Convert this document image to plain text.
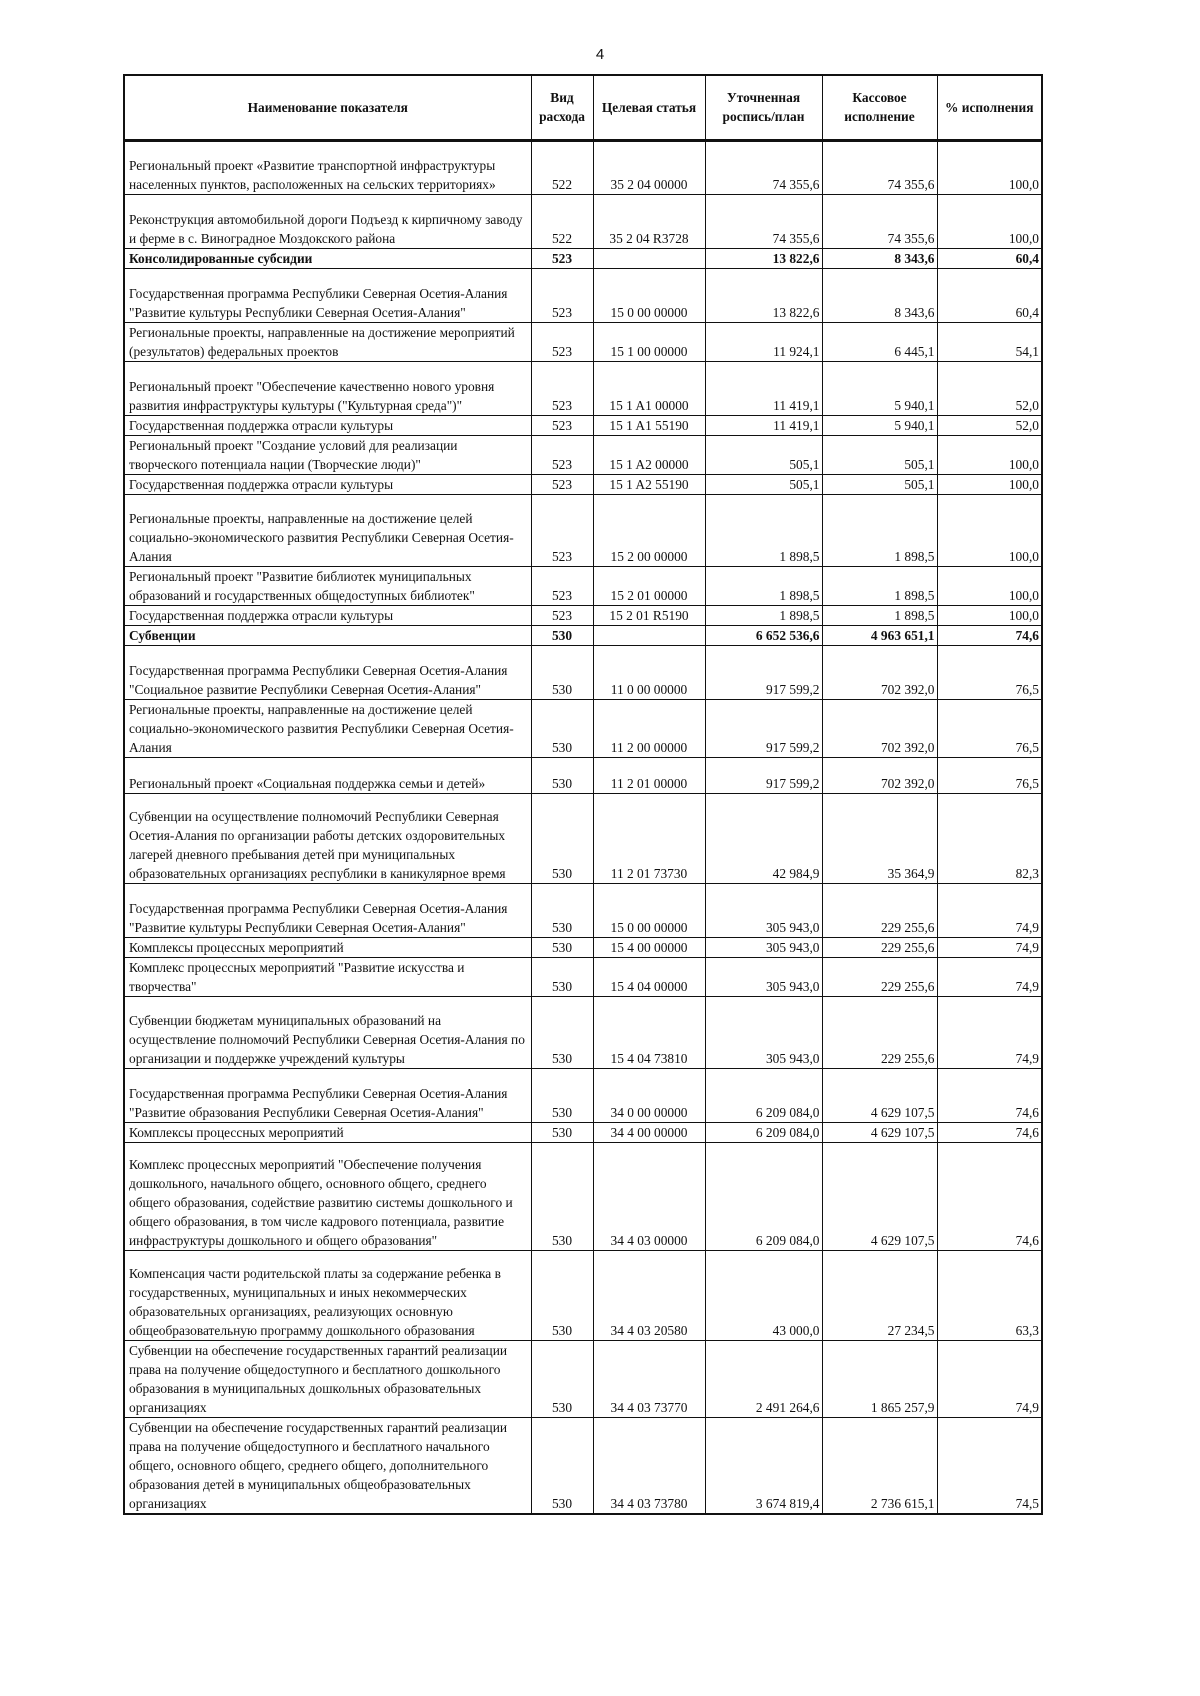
4
Наименование показателя	Вид расхода	Целевая статья	Уточненная роспись/план	Кассовое исполнение	% исполнения
Региональный проект «Развитие транспортной инфраструктуры населенных пунктов, расположенных на сельских территориях»	522	35 2 04 00000	74 355,6	74 355,6	100,0
Реконструкция автомобильной дороги Подъезд к кирпичному заводу и ферме в с. Виноградное Моздокского района	522	35 2 04 R3728	74 355,6	74 355,6	100,0
Консолидированные субсидии	523		13 822,6	8 343,6	60,4
Государственная программа Республики Северная Осетия-Алания "Развитие культуры Республики Северная Осетия-Алания"	523	15 0 00 00000	13 822,6	8 343,6	60,4
Региональные проекты, направленные на достижение мероприятий (результатов) федеральных проектов	523	15 1 00 00000	11 924,1	6 445,1	54,1
Региональный проект "Обеспечение качественно нового уровня развития инфраструктуры культуры ("Культурная среда")"	523	15 1 A1 00000	11 419,1	5 940,1	52,0
Государственная поддержка отрасли культуры	523	15 1 A1 55190	11 419,1	5 940,1	52,0
Региональный проект "Создание условий для реализации творческого потенциала нации (Творческие люди)"	523	15 1 A2 00000	505,1	505,1	100,0
Государственная поддержка отрасли культуры	523	15 1 A2 55190	505,1	505,1	100,0
Региональные проекты, направленные на достижение целей социально-экономического развития Республики Северная Осетия-Алания	523	15 2 00 00000	1 898,5	1 898,5	100,0
Региональный проект "Развитие библиотек муниципальных образований и государственных общедоступных библиотек"	523	15 2 01 00000	1 898,5	1 898,5	100,0
Государственная поддержка отрасли культуры	523	15 2 01 R5190	1 898,5	1 898,5	100,0
Субвенции	530		6 652 536,6	4 963 651,1	74,6
Государственная программа Республики Северная Осетия-Алания "Социальное развитие Республики Северная Осетия-Алания"	530	11 0 00 00000	917 599,2	702 392,0	76,5
Региональные проекты, направленные на достижение целей социально-экономического развития Республики Северная Осетия-Алания	530	11 2 00 00000	917 599,2	702 392,0	76,5
Региональный проект «Социальная поддержка семьи и детей»	530	11 2 01 00000	917 599,2	702 392,0	76,5
Субвенции на осуществление полномочий Республики Северная Осетия-Алания по организации работы детских оздоровительных лагерей дневного пребывания детей при муниципальных образовательных организациях республики в каникулярное время	530	11 2 01 73730	42 984,9	35 364,9	82,3
Государственная программа Республики Северная Осетия-Алания "Развитие культуры Республики Северная Осетия-Алания"	530	15 0 00 00000	305 943,0	229 255,6	74,9
Комплексы процессных мероприятий	530	15 4 00 00000	305 943,0	229 255,6	74,9
Комплекс процессных мероприятий "Развитие искусства и творчества"	530	15 4 04 00000	305 943,0	229 255,6	74,9
Субвенции бюджетам муниципальных образований на осуществление полномочий Республики Северная Осетия-Алания по организации и поддержке учреждений культуры	530	15 4 04 73810	305 943,0	229 255,6	74,9
Государственная программа Республики Северная Осетия-Алания "Развитие образования Республики Северная Осетия-Алания"	530	34 0 00 00000	6 209 084,0	4 629 107,5	74,6
Комплексы процессных мероприятий	530	34 4 00 00000	6 209 084,0	4 629 107,5	74,6
Комплекс процессных мероприятий "Обеспечение получения дошкольного, начального общего, основного общего, среднего общего образования, содействие развитию системы дошкольного и общего образования, в том числе кадрового потенциала, развитие инфраструктуры дошкольного и общего образования"	530	34 4 03 00000	6 209 084,0	4 629 107,5	74,6
Компенсация части родительской платы за содержание ребенка в государственных, муниципальных и иных некоммерческих образовательных организациях, реализующих основную общеобразовательную программу дошкольного образования	530	34 4 03 20580	43 000,0	27 234,5	63,3
Субвенции на обеспечение государственных гарантий реализации права на получение общедоступного и бесплатного дошкольного образования в муниципальных дошкольных образовательных организациях	530	34 4 03 73770	2 491 264,6	1 865 257,9	74,9
Субвенции на обеспечение государственных гарантий реализации права на получение общедоступного и бесплатного начального общего, основного общего, среднего общего, дополнительного образования детей в муниципальных общеобразовательных организациях	530	34 4 03 73780	3 674 819,4	2 736 615,1	74,5
